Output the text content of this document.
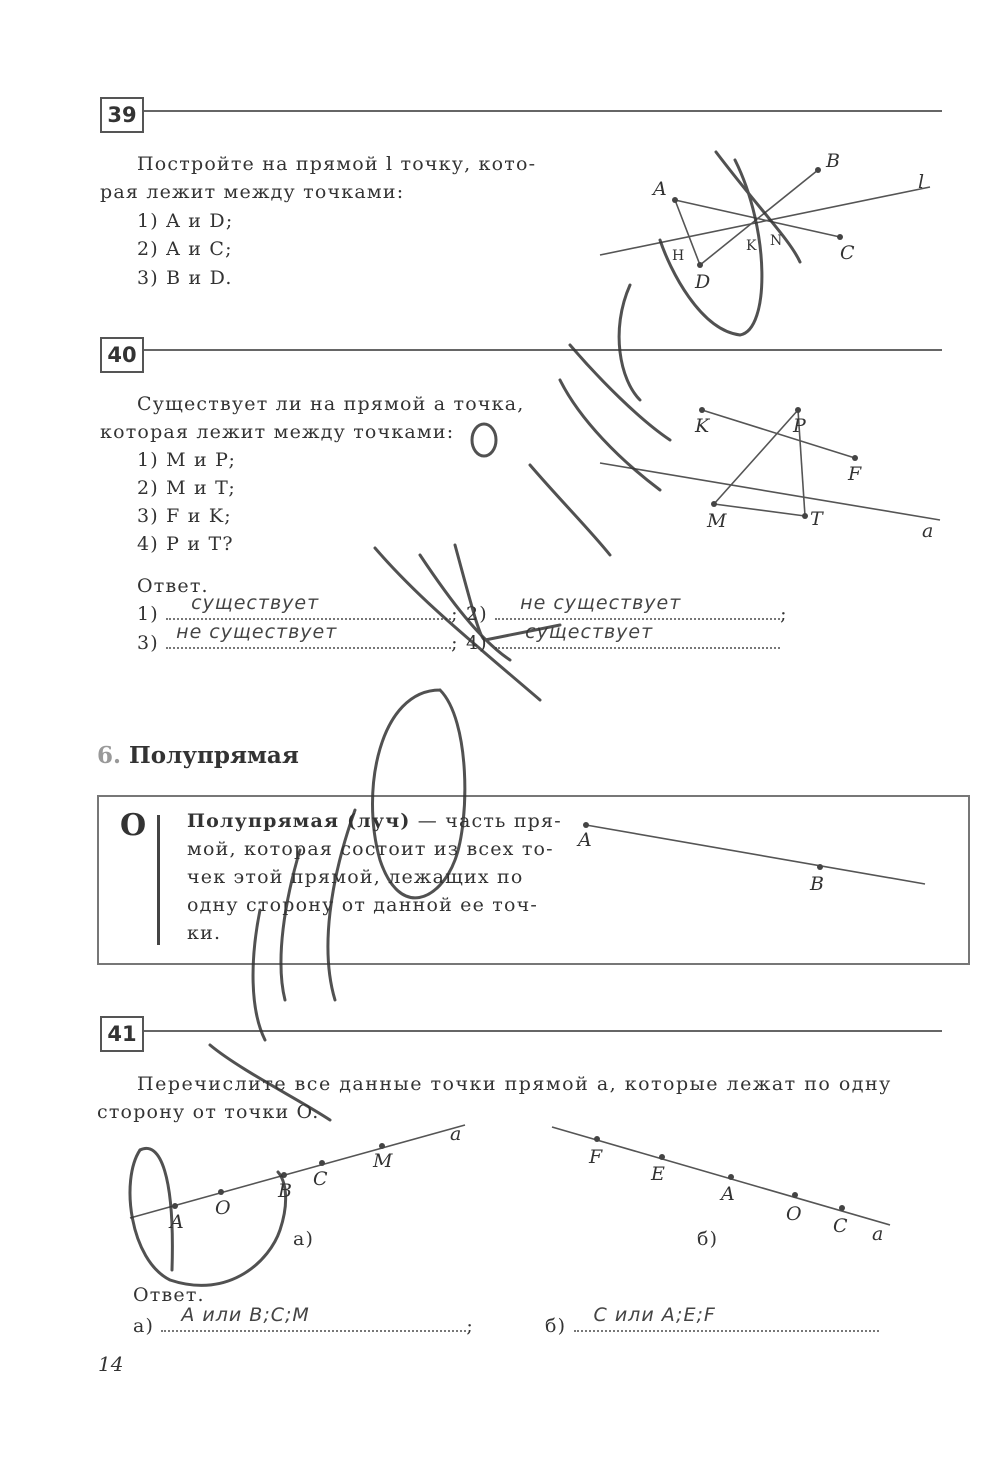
39
Постройте на прямой l точку, кото-
рая лежит между точками:
1) A и D;
2) A и C;
3) B и D.
40
Существует ли на прямой a точка,
которая лежит между точками:
1) M и P;
2) M и T;
3) F и K;
4) P и T?
Ответ.
1) существует	; 2) не существует	;
3) не существует	; 4) существует
6. Полупрямая
О Полупрямая (луч) — часть пря-
мой, которая состоит из всех то-
чек этой прямой, лежащих по
одну сторону от данной ее точ-
ки.
41
Перечислите все данные точки прямой a, которые лежат по одну
сторону от точки O.
а)	б)
Ответ.
а) A или B;C;M	;	б) C или A;E;F
14
A
B
C
D
l
H
K N
K	P
F
M	T
a
A
B
A
O
B
C
M
a
F
E
A
O
C a
